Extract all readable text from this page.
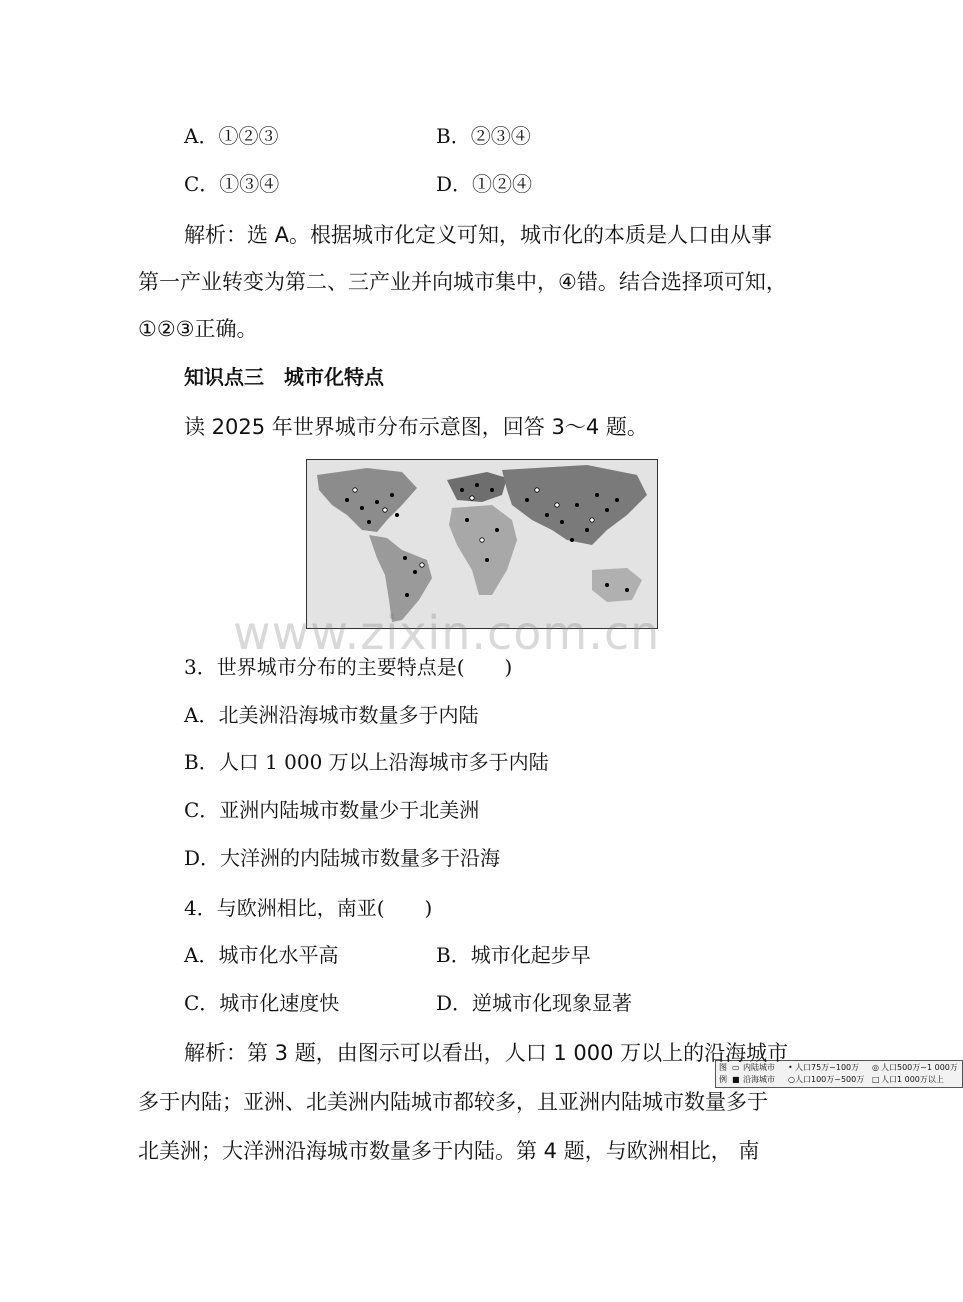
A．①②③	B．②③④
C．①③④	D．①②④
解析：选 A。根据城市化定义可知，城市化的本质是人口由从事
第一产业转变为第二、三产业并向城市集中，④错。结合选择项可知，
①②③正确。
知识点三　城市化特点
读 2025 年世界城市分布示意图，回答 3～4 题。
图
例
▭ 内陆城市
■ 沿海城市
• 人口75万~100万
○ 人口100万~500万
◎ 人口500万~1 000万
□ 人口1 000万以上
www.zixin.com.cn
3．世界城市分布的主要特点是(　　)
A．北美洲沿海城市数量多于内陆
B．人口 1 000 万以上沿海城市多于内陆
C．亚洲内陆城市数量少于北美洲
D．大洋洲的内陆城市数量多于沿海
4．与欧洲相比，南亚(　　)
A．城市化水平高	B．城市化起步早
C．城市化速度快	D．逆城市化现象显著
解析：第 3 题，由图示可以看出，人口 1 000 万以上的沿海城市
多于内陆；亚洲、北美洲内陆城市都较多，且亚洲内陆城市数量多于
北美洲；大洋洲沿海城市数量多于内陆。第 4 题，与欧洲相比， 南
